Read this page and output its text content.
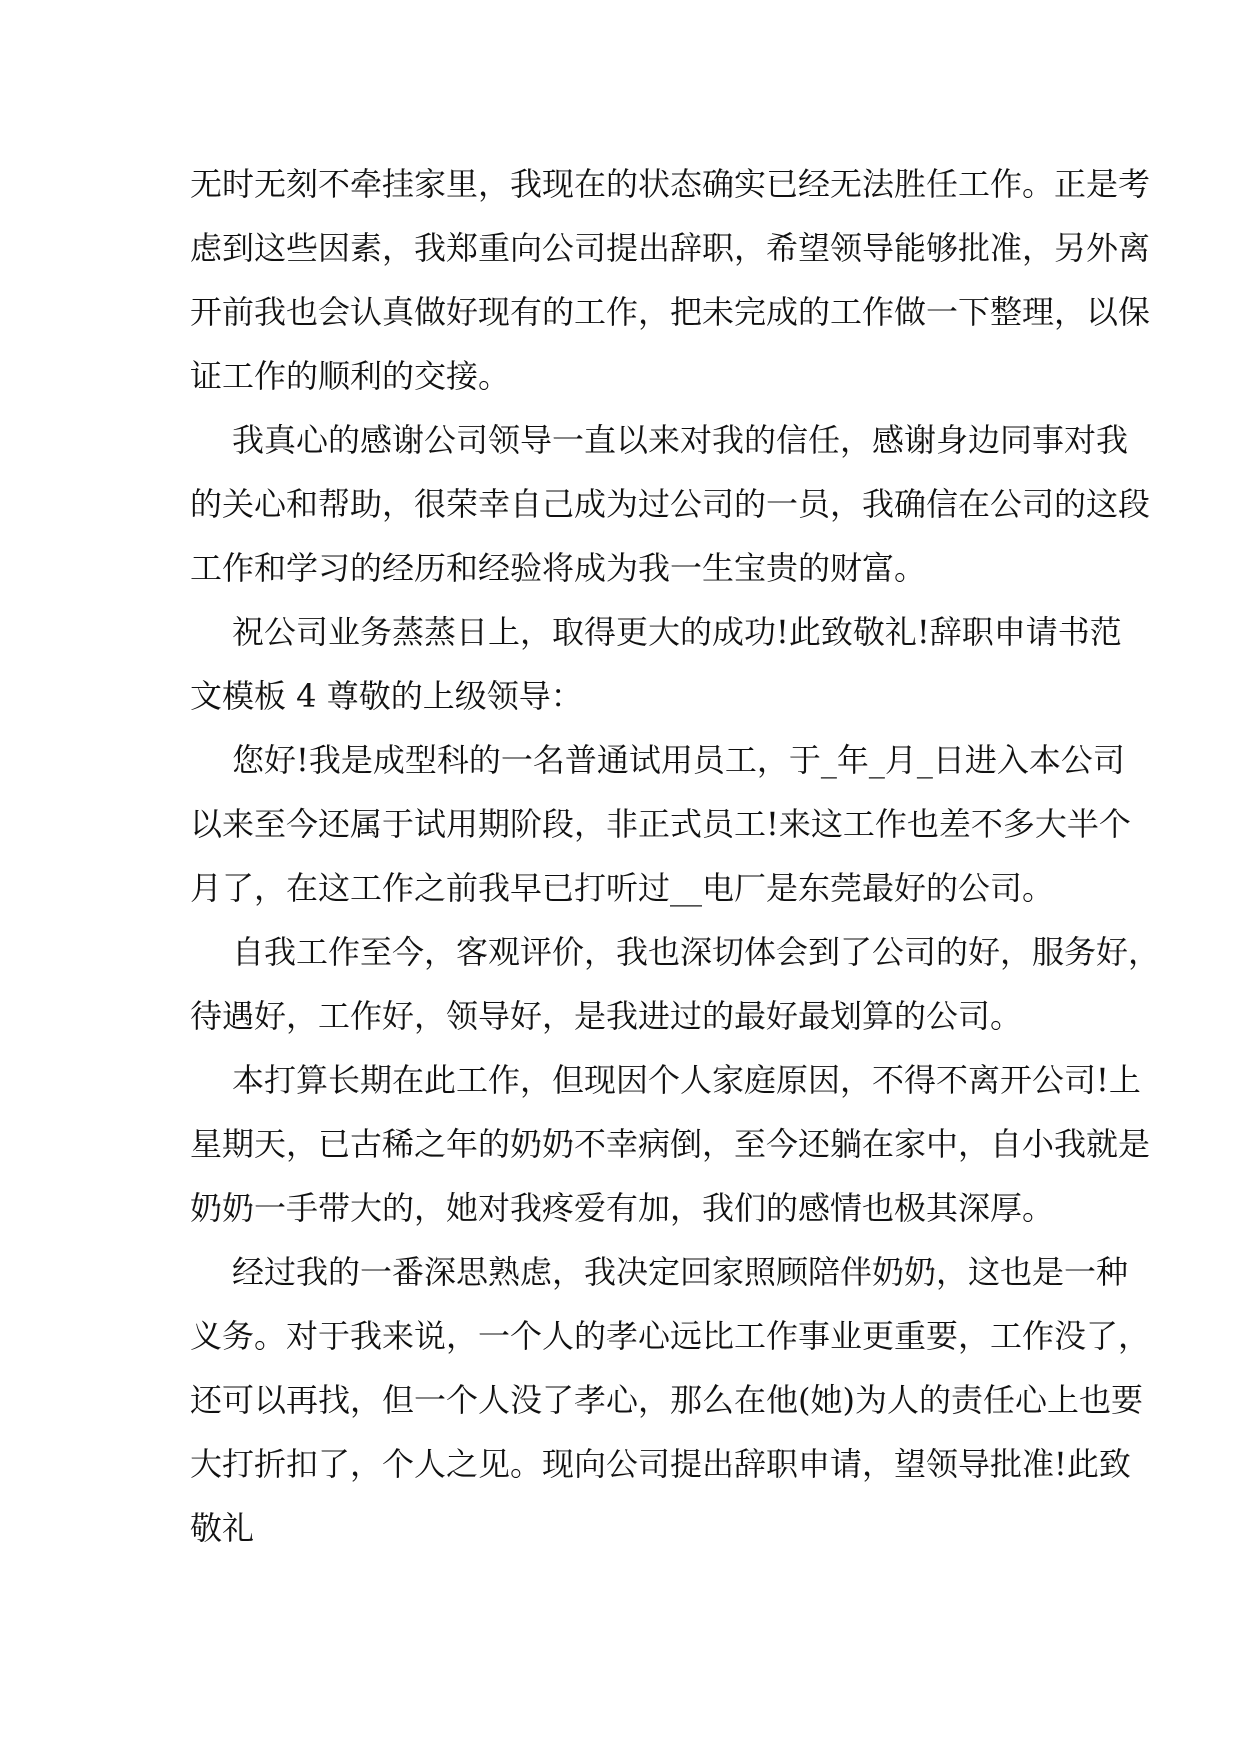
无时无刻不牵挂家里，我现在的状态确实已经无法胜任工作。正是考
虑到这些因素，我郑重向公司提出辞职，希望领导能够批准，另外离
开前我也会认真做好现有的工作，把未完成的工作做一下整理，以保
证工作的顺利的交接。
我真心的感谢公司领导一直以来对我的信任，感谢身边同事对我
的关心和帮助，很荣幸自己成为过公司的一员，我确信在公司的这段
工作和学习的经历和经验将成为我一生宝贵的财富。
祝公司业务蒸蒸日上，取得更大的成功!此致敬礼!辞职申请书范
文模板 4 尊敬的上级领导：
您好!我是成型科的一名普通试用员工，于_年_月_日进入本公司
以来至今还属于试用期阶段，非正式员工!来这工作也差不多大半个
月了，在这工作之前我早已打听过__电厂是东莞最好的公司。
自我工作至今，客观评价，我也深切体会到了公司的好，服务好，
待遇好，工作好，领导好，是我进过的最好最划算的公司。
本打算长期在此工作，但现因个人家庭原因，不得不离开公司!上
星期天，已古稀之年的奶奶不幸病倒，至今还躺在家中，自小我就是
奶奶一手带大的，她对我疼爱有加，我们的感情也极其深厚。
经过我的一番深思熟虑，我决定回家照顾陪伴奶奶，这也是一种
义务。对于我来说，一个人的孝心远比工作事业更重要，工作没了，
还可以再找，但一个人没了孝心，那么在他(她)为人的责任心上也要
大打折扣了，个人之见。现向公司提出辞职申请，望领导批准!此致
敬礼
